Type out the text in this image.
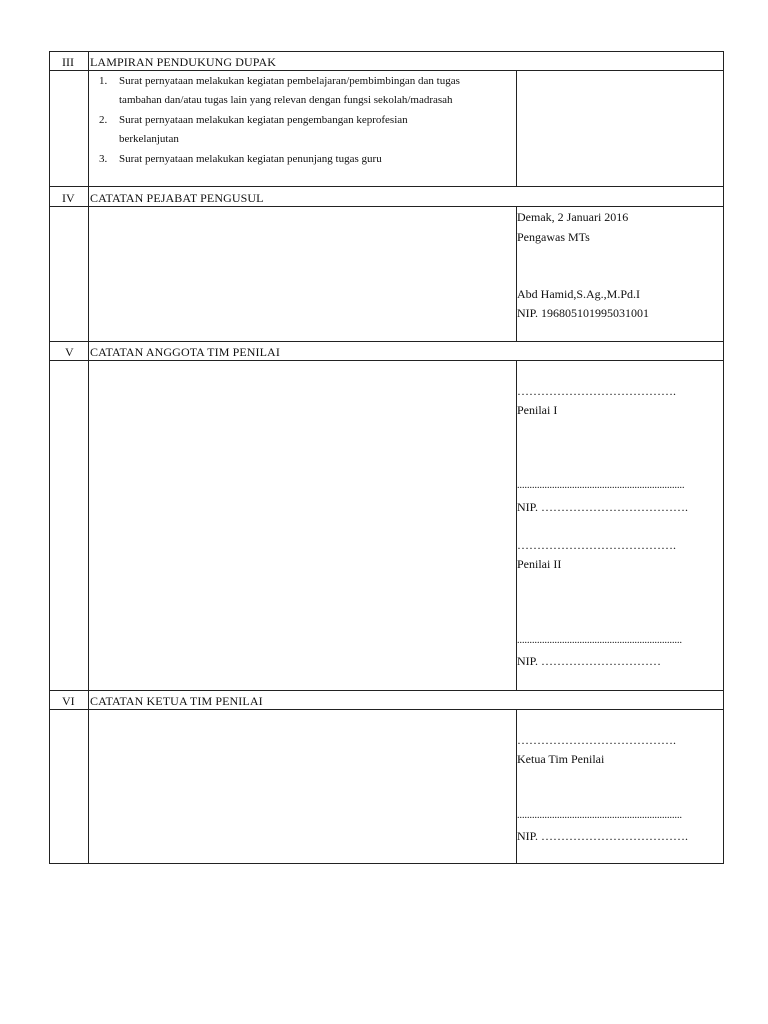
III LAMPIRAN PENDUKUNG DUPAK
1. Surat pernyataan melakukan kegiatan pembelajaran/pembimbingan dan tugas
tambahan dan/atau tugas lain yang relevan dengan fungsi sekolah/madrasah
2. Surat pernyataan melakukan kegiatan pengembangan keprofesian
berkelanjutan
3. Surat pernyataan melakukan kegiatan penunjang tugas guru
IV CATATAN PEJABAT PENGUSUL
Demak, 2 Januari 2016
Pengawas MTs
Abd Hamid,S.Ag.,M.Pd.I
NIP. 196805101995031001
V CATATAN ANGGOTA TIM PENILAI
………………………………….
Penilai I
...................................................................
NIP. ……………………………….
………………………………….
Penilai II
..................................................................
NIP. …………………………
VI CATATAN KETUA TIM PENILAI
………………………………….
Ketua Tim Penilai
..................................................................
NIP. ……………………………….
